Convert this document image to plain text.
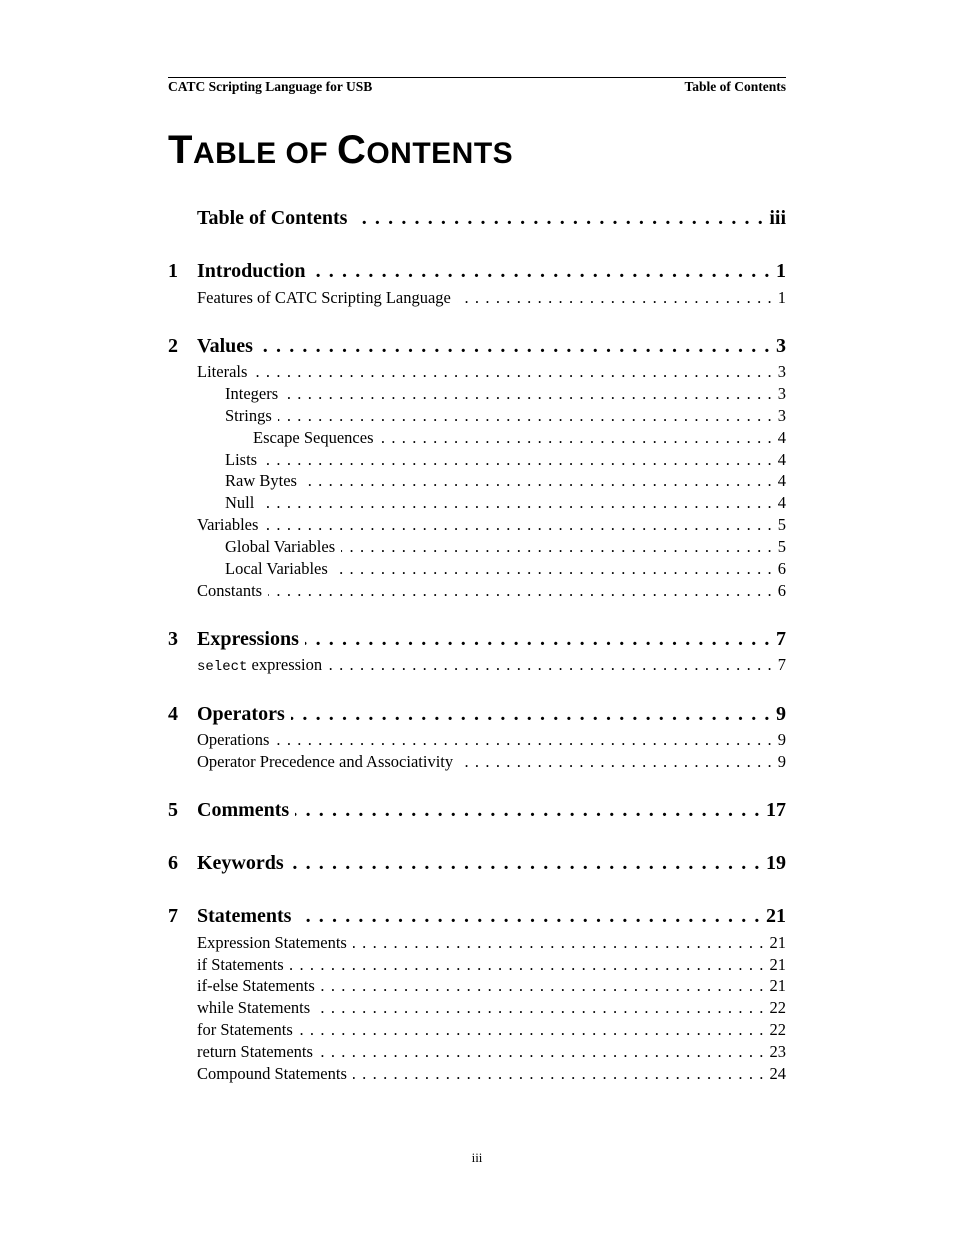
CATC Scripting Language for USB	Table of Contents
TABLE OF CONTENTS
Table of Contents . . .	iii
1 Introduction . . .	1
Features of CATC Scripting Language . . .	1
2 Values . . .	3
Literals . . .	3
Integers . . .	3
Strings . . .	3
Escape Sequences . . .	4
Lists . . .	4
Raw Bytes . . .	4
Null . . .	4
Variables . . .	5
Global Variables . . .	5
Local Variables . . .	6
Constants . . .	6
3 Expressions . . .	7
select expression . . .	7
4 Operators . . .	9
Operations . . .	9
Operator Precedence and Associativity . . .	9
5 Comments . . .	17
6 Keywords . . .	19
7 Statements . . .	21
Expression Statements . . .	21
if Statements . . .	21
if-else Statements . . .	21
while Statements . . .	22
for Statements . . .	22
return Statements . . .	23
Compound Statements . . .	24
iii
